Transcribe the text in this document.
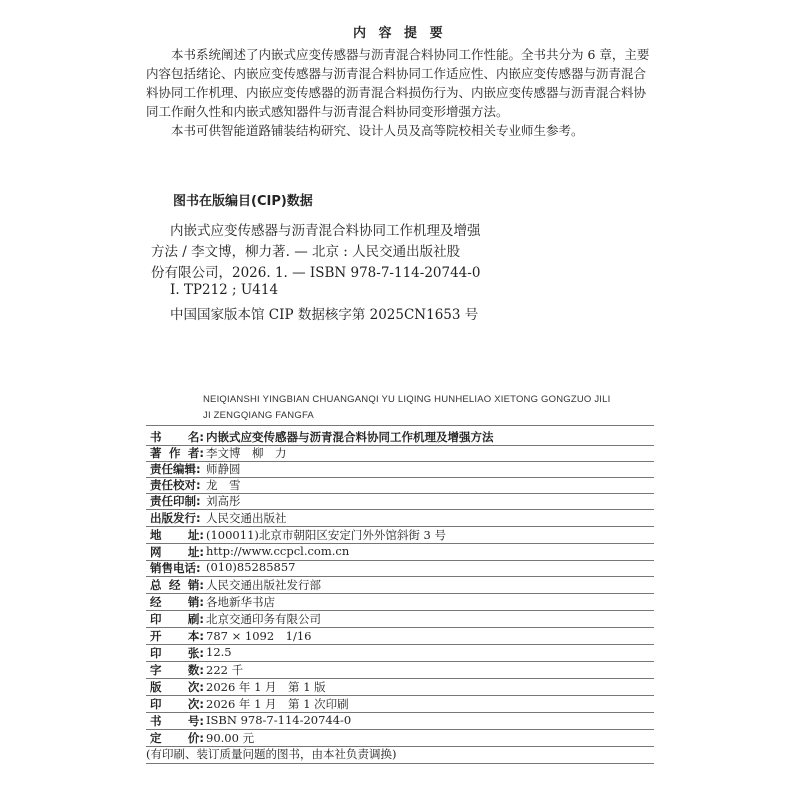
内 容 提 要
本书系统阐述了内嵌式应变传感器与沥青混合料协同工作性能。全书共分为 6 章，主要内容包括绪论、内嵌应变传感器与沥青混合料协同工作适应性、内嵌应变传感器与沥青混合料协同工作机理、内嵌应变传感器的沥青混合料损伤行为、内嵌应变传感器与沥青混合料协同工作耐久性和内嵌式感知器件与沥青混合料协同变形增强方法。
本书可供智能道路铺装结构研究、设计人员及高等院校相关专业师生参考。
图书在版编目(CIP)数据
内嵌式应变传感器与沥青混合料协同工作机理及增强
方法 / 李文博，柳力著. — 北京 : 人民交通出版社股
份有限公司，2026. 1. — ISBN 978-7-114-20744-0
Ⅰ. TP212 ; U414
中国国家版本馆 CIP 数据核字第 2025CN1653 号
NEIQIANSHI YINGBIAN CHUANGANQI YU LIQING HUNHELIAO XIETONG GONGZUO JILI
JI ZENGQIANG FANGFA
书 名: 内嵌式应变传感器与沥青混合料协同工作机理及增强方法
著 作 者: 李文博　柳　力
责任编辑: 师静圆
责任校对: 龙　雪
责任印制: 刘高彤
出版发行: 人民交通出版社
地 址: (100011)北京市朝阳区安定门外外馆斜街 3 号
网 址: http://www.ccpcl.com.cn
销售电话: (010)85285857
总 经 销: 人民交通出版社发行部
经 销: 各地新华书店
印 刷: 北京交通印务有限公司
开 本: 787 × 1092　1/16
印 张: 12.5
字 数: 222 千
版 次: 2026 年 1 月　第 1 版
印 次: 2026 年 1 月　第 1 次印刷
书 号: ISBN 978-7-114-20744-0
定 价: 90.00 元
(有印刷、装订质量问题的图书，由本社负责调换)
